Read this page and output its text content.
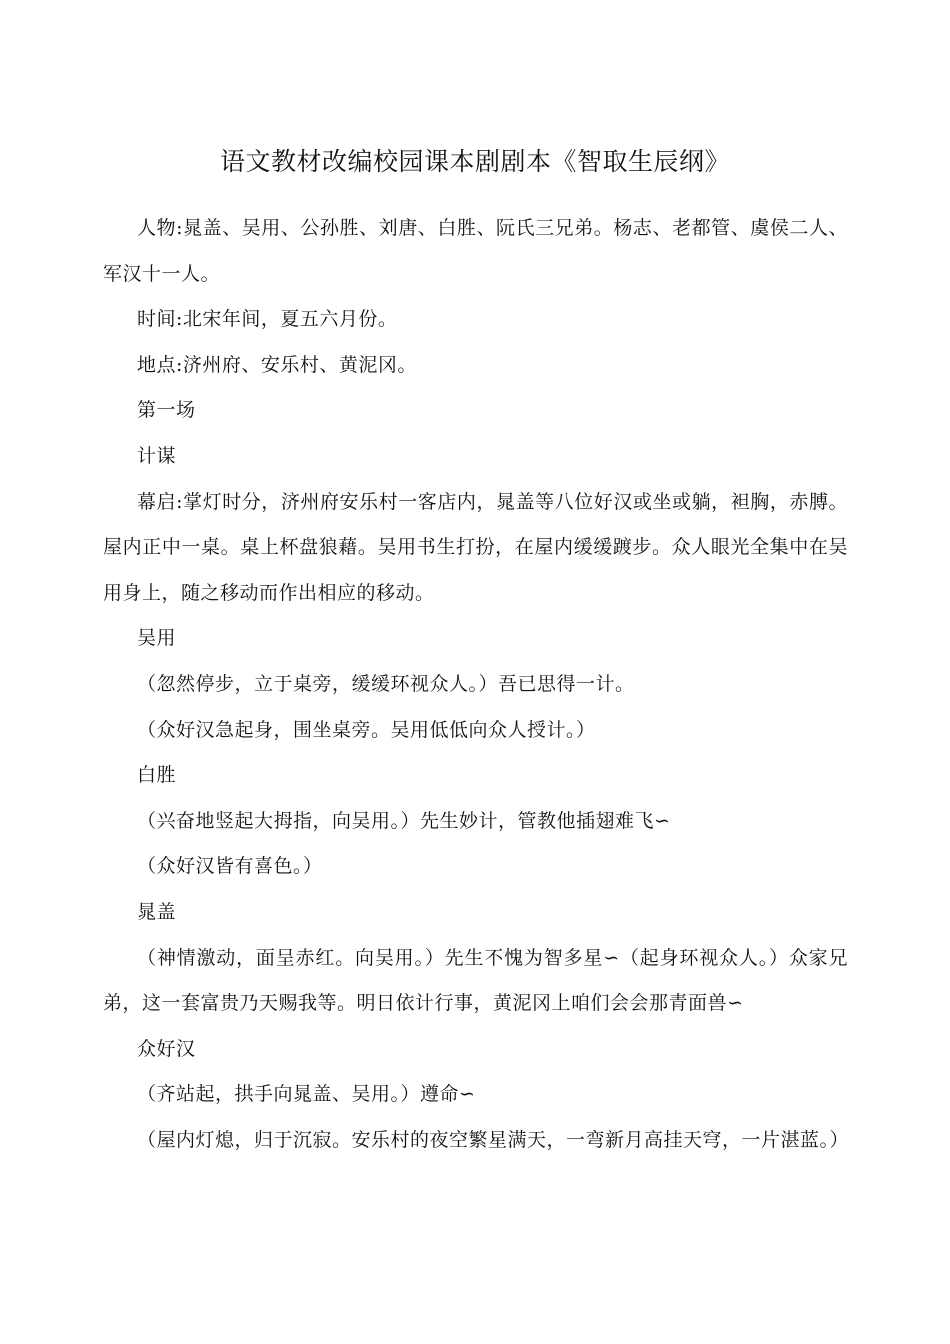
语文教材改编校园课本剧剧本《智取生辰纲》

人物:晁盖、吴用、公孙胜、刘唐、白胜、阮氏三兄弟。杨志、老都管、虞侯二人、军汉十一人。

时间:北宋年间，夏五六月份。

地点:济州府、安乐村、黄泥冈。

第一场

计谋

幕启:掌灯时分，济州府安乐村一客店内，晁盖等八位好汉或坐或躺，袒胸，赤膊。屋内正中一桌。桌上杯盘狼藉。吴用书生打扮，在屋内缓缓踱步。众人眼光全集中在吴用身上，随之移动而作出相应的移动。

吴用

（忽然停步，立于桌旁，缓缓环视众人。）吾已思得一计。

（众好汉急起身，围坐桌旁。吴用低低向众人授计。）

白胜

（兴奋地竖起大拇指，向吴用。）先生妙计，管教他插翅难飞∽

（众好汉皆有喜色。）

晁盖

（神情激动，面呈赤红。向吴用。）先生不愧为智多星∽（起身环视众人。）众家兄弟，这一套富贵乃天赐我等。明日依计行事，黄泥冈上咱们会会那青面兽∽

众好汉

（齐站起，拱手向晁盖、吴用。）遵命∽

（屋内灯熄，归于沉寂。安乐村的夜空繁星满天，一弯新月高挂天穹，一片湛蓝。）
